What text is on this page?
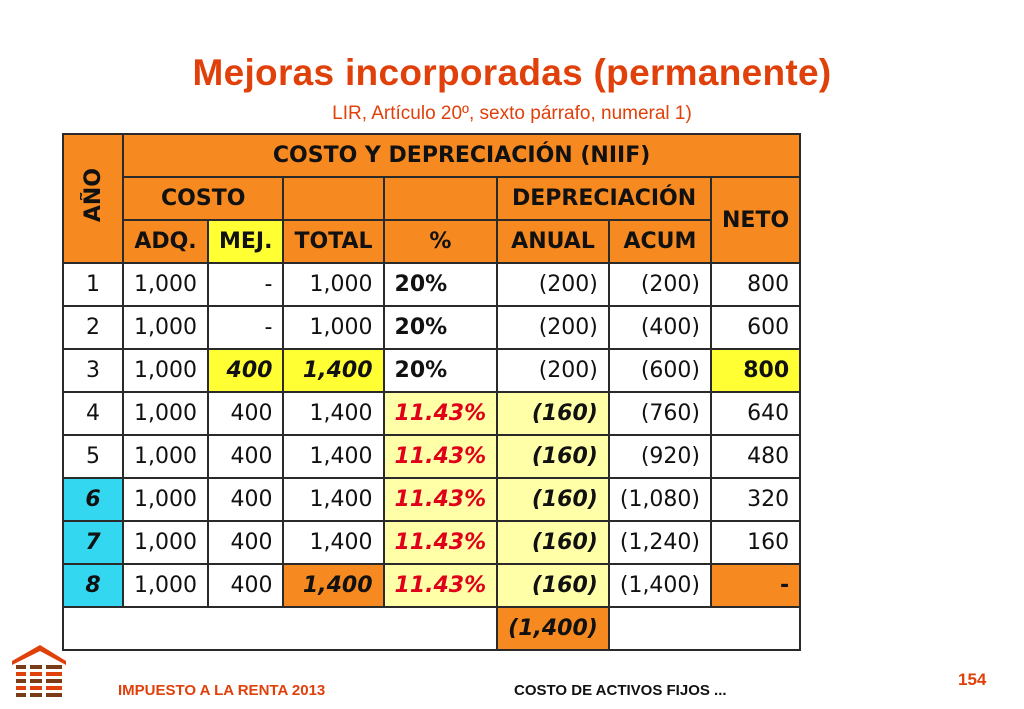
Mejoras incorporadas (permanente)
LIR, Artículo 20º, sexto párrafo, numeral 1)
AÑO	COSTO Y DEPRECIACIÓN (NIIF)						
	COSTO				DEPRECIACIÓN		NETO
	ADQ.	MEJ.	TOTAL	%	ANUAL	ACUM	
1	1,000	-	1,000	20%	(200)	(200)	800
2	1,000	-	1,000	20%	(200)	(400)	600
3	1,000	400	1,400	20%	(200)	(600)	800
4	1,000	400	1,400	11.43%	(160)	(760)	640
5	1,000	400	1,400	11.43%	(160)	(920)	480
6	1,000	400	1,400	11.43%	(160)	(1,080)	320
7	1,000	400	1,400	11.43%	(160)	(1,240)	160
8	1,000	400	1,400	11.43%	(160)	(1,400)	-
					(1,400)		
IMPUESTO A LA RENTA 2013	COSTO DE ACTIVOS FIJOS ...
154
